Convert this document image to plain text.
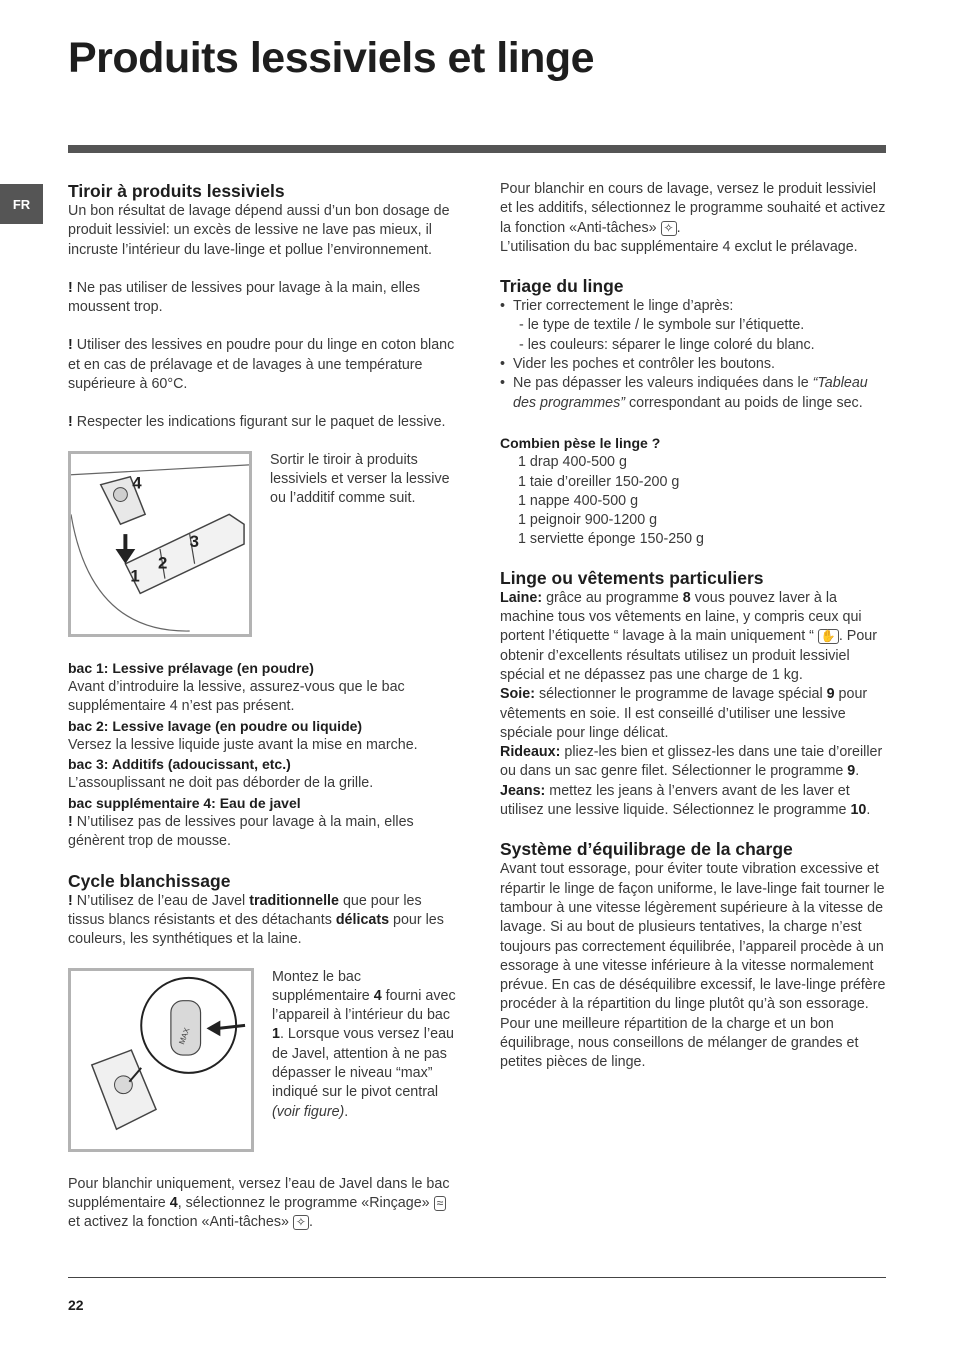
Produits lessiviels et linge
FR
Tiroir à produits lessiviels

Un bon résultat de lavage dépend aussi d’un bon dosage de produit lessiviel: un excès de lessive ne lave pas mieux, il incruste l’intérieur du lave-linge et pollue l’environnement.

! Ne pas utiliser de lessives pour lavage à la main, elles moussent trop.

! Utiliser des lessives en poudre pour du linge en coton blanc et en cas de prélavage et de lavages à une température supérieure à 60°C.

! Respecter les indications figurant sur le paquet de lessive.

4
1
2
3

Sortir le tiroir à produits lessiviels et verser la lessive ou l’additif comme suit.

bac 1: Lessive prélavage (en poudre)

Avant d’introduire la lessive, assurez-vous que le bac supplémentaire 4 n’est pas présent.

bac 2: Lessive lavage (en poudre ou liquide)

Versez la lessive liquide juste avant la mise en marche.

bac 3: Additifs (adoucissant, etc.)

L’assouplissant ne doit pas déborder de la grille.

bac supplémentaire 4: Eau de javel

! N’utilisez pas de lessives pour lavage à la main, elles génèrent trop de mousse.

Cycle blanchissage

! N’utilisez de l’eau de Javel traditionnelle que pour les tissus blancs résistants et des détachants délicats pour les couleurs, les synthétiques et la laine.

MAX

Montez le bac supplémentaire 4 fourni avec l’appareil à l’intérieur du bac 1. Lorsque vous versez l’eau de Javel, attention à ne pas dépasser le niveau “max” indiqué sur le pivot central (voir figure).

Pour blanchir uniquement, versez l’eau de Javel dans le bac supplémentaire 4, sélectionnez le programme «Rinçage» ≈ et activez la fonction «Anti-tâches» ✧ .

Pour blanchir en cours de lavage, versez le produit lessiviel et les additifs, sélectionnez le programme souhaité et activez la fonction «Anti-tâches» ✧ .

L’utilisation du bac supplémentaire 4 exclut le prélavage.

Triage du linge
• Trier correctement le linge d’après:
- le type de textile / le symbole sur l’étiquette.
- les couleurs: séparer le linge coloré du blanc.
• Vider les poches et contrôler les boutons.
• Ne pas dépasser les valeurs indiquées dans le “Tableau des programmes” correspondant au poids de linge sec.

Combien pèse le linge ?

1 drap 400-500 g
1 taie d’oreiller 150-200 g
1 nappe 400-500 g
1 peignoir 900-1200 g
1 serviette éponge 150-250 g
Linge ou vêtements particuliers

Laine: grâce au programme 8 vous pouvez laver à la machine tous vos vêtements en laine, y compris ceux qui portent l’étiquette “ lavage à la main uniquement “ ✋ . Pour obtenir d’excellents résultats utilisez un produit lessiviel spécial et ne dépassez pas une charge de 1 kg.

Soie: sélectionner le programme de lavage spécial 9 pour vêtements en soie. Il est conseillé d’utiliser une lessive spéciale pour linge délicat.

Rideaux: pliez-les bien et glissez-les dans une taie d’oreiller ou dans un sac genre filet. Sélectionner le programme 9.

Jeans: mettez les jeans à l’envers avant de les laver et utilisez une lessive liquide. Sélectionnez le programme 10.

Système d’équilibrage de la charge

Avant tout essorage, pour éviter toute vibration excessive et répartir le linge de façon uniforme, le lave-linge fait tourner le tambour à une vitesse légèrement supérieure à la vitesse de lavage. Si au bout de plusieurs tentatives, la charge n’est toujours pas correctement équilibrée, l’appareil procède à un essorage à une vitesse inférieure à la vitesse normalement prévue. En cas de déséquilibre excessif, le lave-linge préfère procéder à la répartition du linge plutôt qu’à son essorage. Pour une meilleure répartition de la charge et un bon équilibrage, nous conseillons de mélanger de grandes et petites pièces de linge.

22
